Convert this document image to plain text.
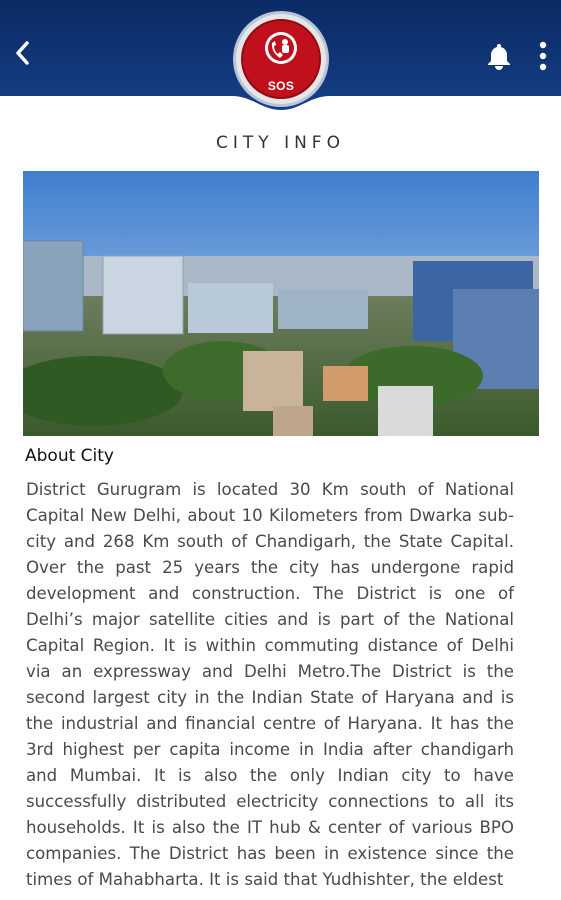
SOS
CITY INFO
About City

District Gurugram is located 30 Km south of National Capital New Delhi, about 10 Kilometers from Dwarka sub-city and 268 Km south of Chandigarh, the State Capital. Over the past 25 years the city has undergone rapid development and construction. The District is one of Delhi’s major satellite cities and is part of the National Capital Region. It is within commuting distance of Delhi via an expressway and Delhi Metro.The District is the second largest city in the Indian State of Haryana and is the industrial and financial centre of Haryana. It has the 3rd highest per capita income in India after chandigarh and Mumbai. It is also the only Indian city to have successfully distributed electricity connections to all its households. It is also the IT hub & center of various BPO companies. The District has been in existence since the times of Mahabharta. It is said that Yudhishter, the eldest
